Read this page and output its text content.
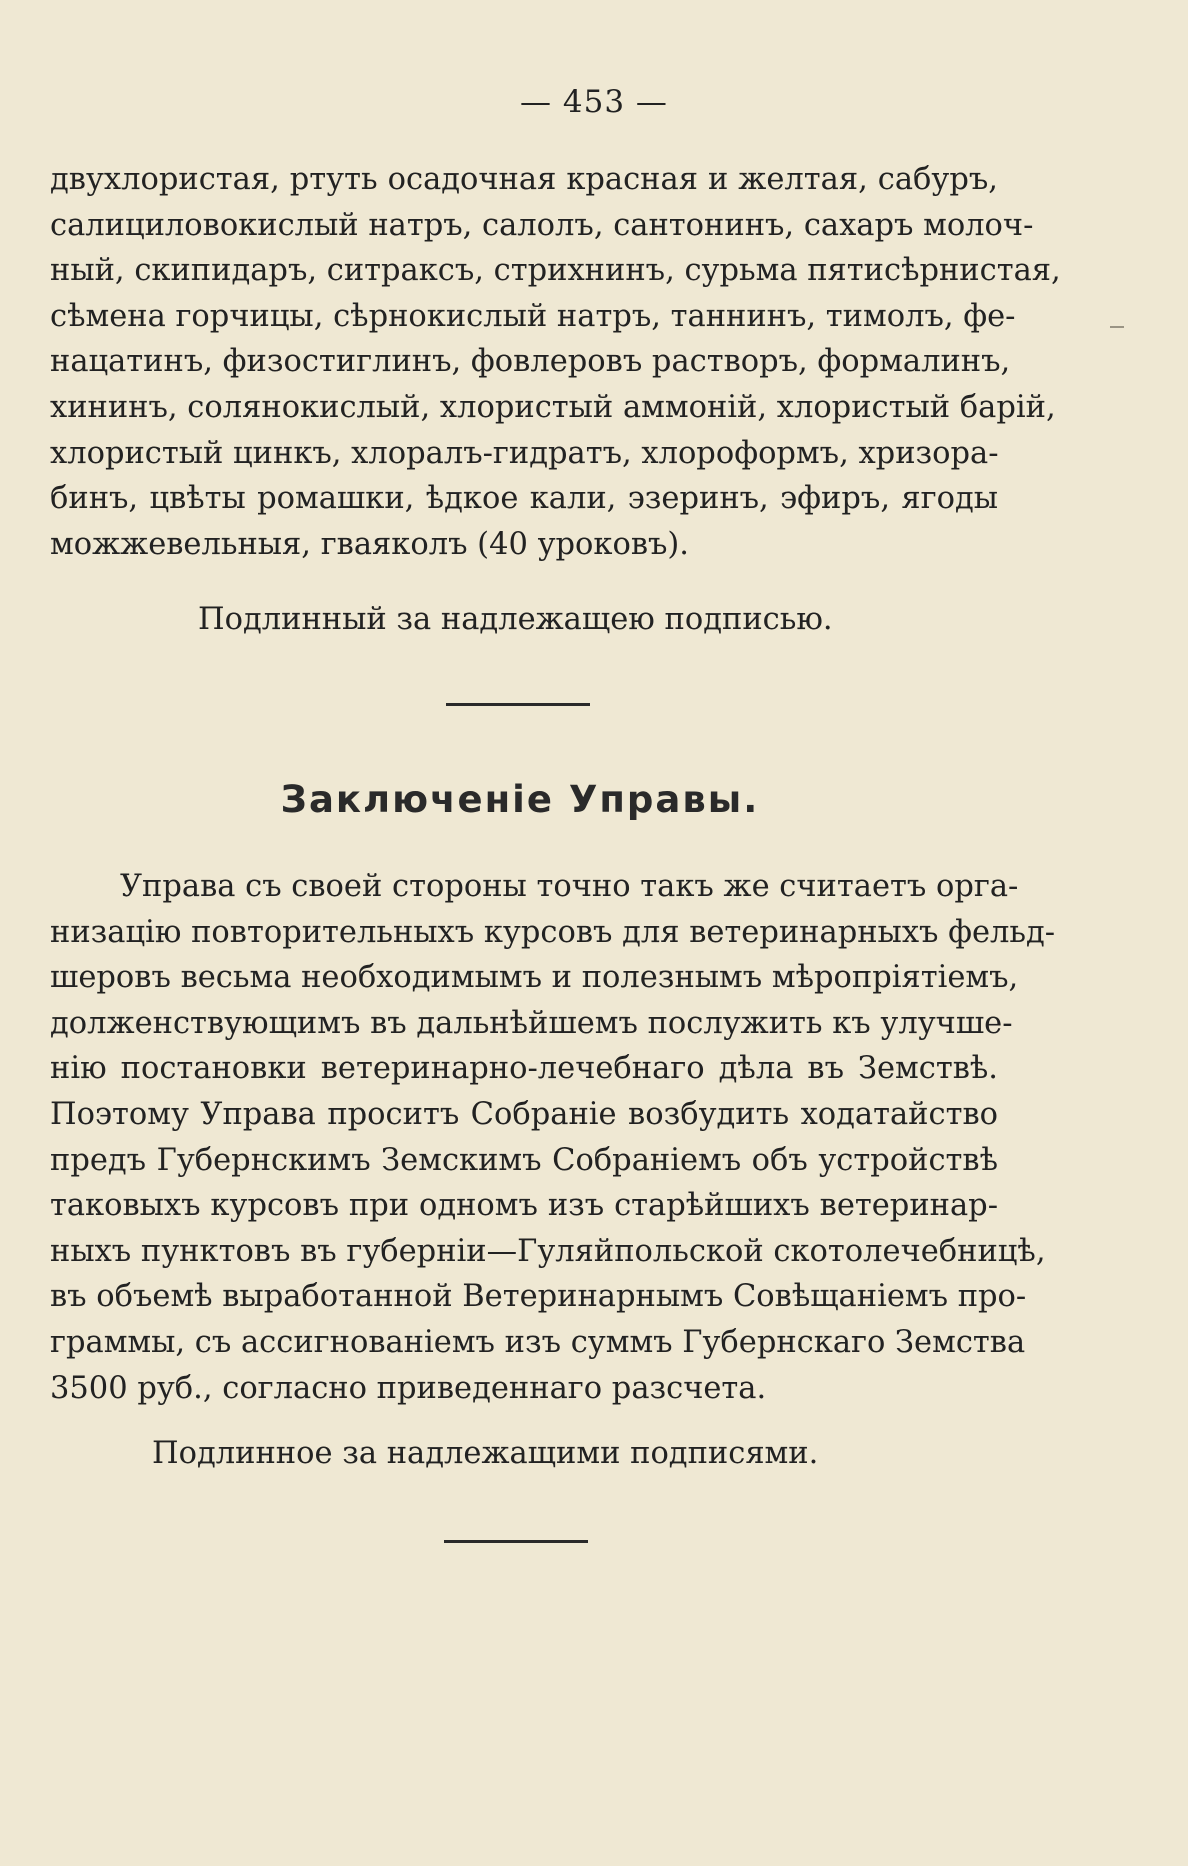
— 453 —
двухлористая, ртуть осадочная красная и желтая, сабуръ,
салициловокислый натръ, салолъ, сантонинъ, сахаръ молоч-
ный, скипидаръ, ситраксъ, стрихнинъ, сурьма пятисѣрнистая,
сѣмена горчицы, сѣрнокислый натръ, таннинъ, тимолъ, фе-
нацатинъ, физостиглинъ, фовлеровъ растворъ, формалинъ,
хининъ, солянокислый, хлористый аммонiй, хлористый барiй,
хлористый цинкъ, хлоралъ-гидратъ, хлороформъ, хризора-
бинъ, цвѣты ромашки, ѣдкое кали, эзеринъ, эфиръ, ягоды
можжевельныя, гваяколъ (40 уроковъ).
Подлинный за надлежащею подписью.
Заключенiе Управы.
Управа съ своей стороны точно такъ же считаетъ орга-
низацiю повторительныхъ курсовъ для ветеринарныхъ фельд-
шеровъ весьма необходимымъ и полезнымъ мѣропрiятiемъ,
долженствующимъ въ дальнѣйшемъ послужить къ улучше-
нiю постановки ветеринарно-лечебнаго дѣла въ Земствѣ.
Поэтому Управа проситъ Собранiе возбудить ходатайство
предъ Губернскимъ Земскимъ Собранiемъ объ устройствѣ
таковыхъ курсовъ при одномъ изъ старѣйшихъ ветеринар-
ныхъ пунктовъ въ губернiи—Гуляйпольской скотолечебницѣ,
въ объемѣ выработанной Ветеринарнымъ Совѣщанiемъ про-
граммы, съ ассигнованiемъ изъ суммъ Губернскаго Земства
3500 руб., согласно приведеннаго разсчета.
Подлинное за надлежащими подписями.
